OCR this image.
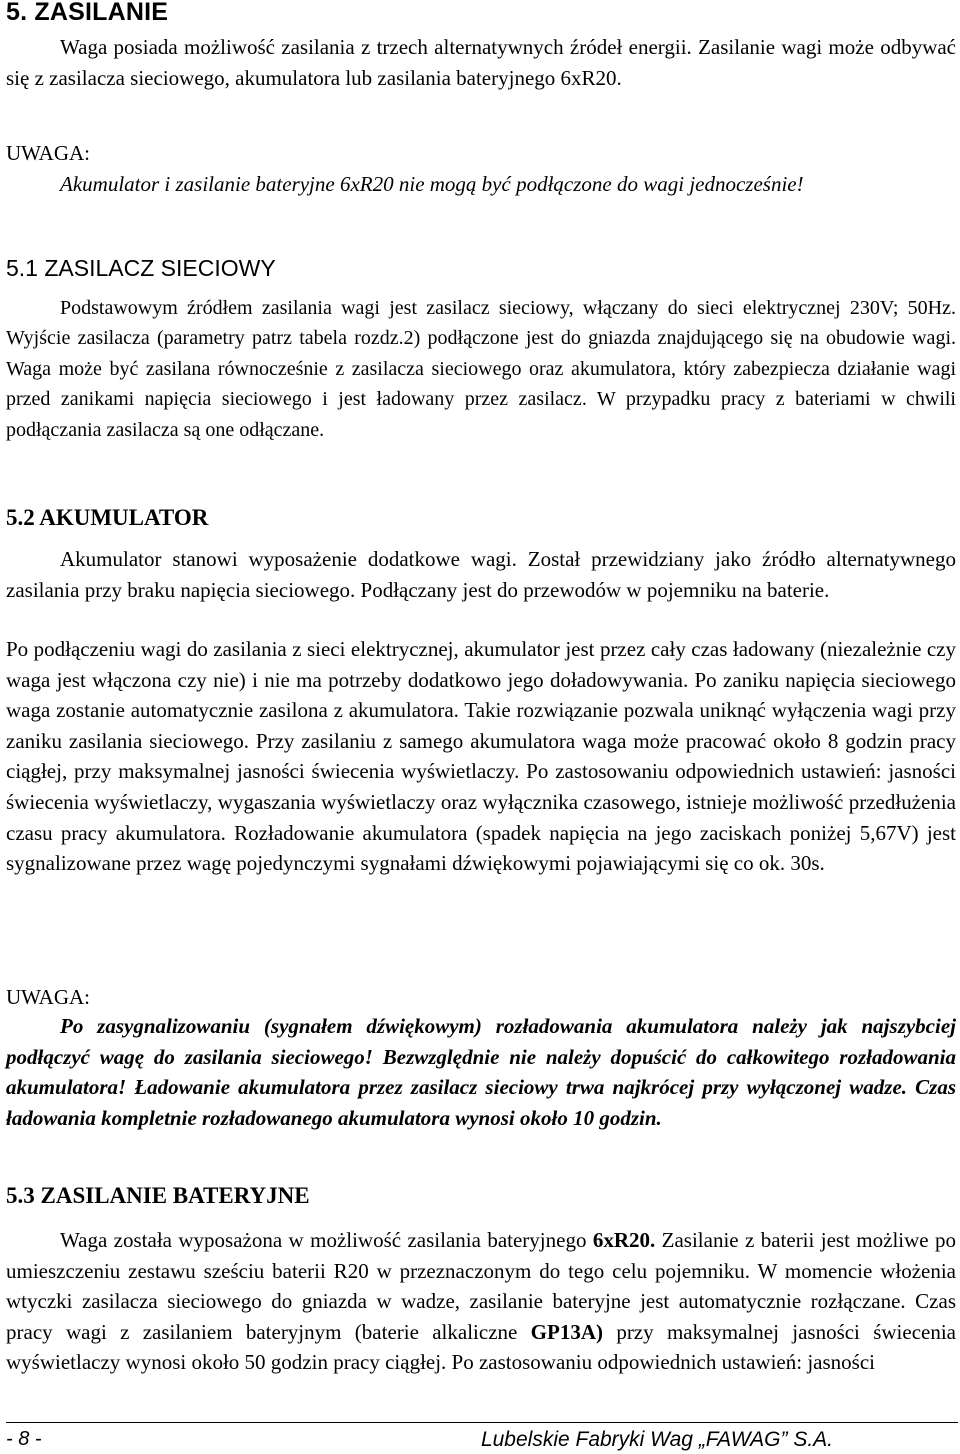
5. ZASILANIE

Waga posiada możliwość zasilania z trzech alternatywnych źródeł energii. Zasilanie wagi może odbywać się z zasilacza sieciowego, akumulatora lub zasilania bateryjnego 6xR20.

UWAGA:

Akumulator i zasilanie bateryjne 6xR20 nie mogą być podłączone do wagi jednocześnie!

5.1 ZASILACZ SIECIOWY

Podstawowym źródłem zasilania wagi jest zasilacz sieciowy, włączany do sieci elektrycznej 230V; 50Hz. Wyjście zasilacza (parametry patrz tabela rozdz.2) podłączone jest do gniazda znajdującego się na obudowie wagi. Waga może być zasilana równocześnie z zasilacza sieciowego oraz akumulatora, który zabezpiecza działanie wagi przed zanikami napięcia sieciowego i jest ładowany przez zasilacz. W przypadku pracy z bateriami w chwili podłączania zasilacza są one odłączane.

5.2 AKUMULATOR

Akumulator stanowi wyposażenie dodatkowe wagi. Został przewidziany jako źródło alternatywnego zasilania przy braku napięcia sieciowego. Podłączany jest do przewodów w pojemniku na baterie.

Po podłączeniu wagi do zasilania z sieci elektrycznej, akumulator jest przez cały czas ładowany (niezależnie czy waga jest włączona czy nie) i nie ma potrzeby dodatkowo jego doładowywania. Po zaniku napięcia sieciowego waga zostanie automatycznie zasilona z akumulatora. Takie rozwiązanie pozwala uniknąć wyłączenia wagi przy zaniku zasilania sieciowego. Przy zasilaniu z samego akumulatora waga może pracować około 8 godzin pracy ciągłej, przy maksymalnej jasności świecenia wyświetlaczy. Po zastosowaniu odpowiednich ustawień: jasności świecenia wyświetlaczy, wygaszania wyświetlaczy oraz wyłącznika czasowego, istnieje możliwość przedłużenia czasu pracy akumulatora. Rozładowanie akumulatora (spadek napięcia na jego zaciskach poniżej 5,67V) jest sygnalizowane przez wagę pojedynczymi sygnałami dźwiękowymi pojawiającymi się co ok. 30s.

UWAGA:

Po zasygnalizowaniu (sygnałem dźwiękowym) rozładowania akumulatora należy jak najszybciej podłączyć wagę do zasilania sieciowego! Bezwzględnie nie należy dopuścić do całkowitego rozładowania akumulatora! Ładowanie akumulatora przez zasilacz sieciowy trwa najkrócej przy wyłączonej wadze. Czas ładowania kompletnie rozładowanego akumulatora wynosi około 10 godzin.

5.3 ZASILANIE BATERYJNE

Waga została wyposażona w możliwość zasilania bateryjnego 6xR20. Zasilanie z baterii jest możliwe po umieszczeniu zestawu sześciu baterii R20 w przeznaczonym do tego celu pojemniku. W momencie włożenia wtyczki zasilacza sieciowego do gniazda w wadze, zasilanie bateryjne jest automatycznie rozłączane. Czas pracy wagi z zasilaniem bateryjnym (baterie alkaliczne GP13A) przy maksymalnej jasności świecenia wyświetlaczy wynosi około 50 godzin pracy ciągłej. Po zastosowaniu odpowiednich ustawień: jasności

- 8 -	Lubelskie Fabryki Wag „FAWAG” S.A.
